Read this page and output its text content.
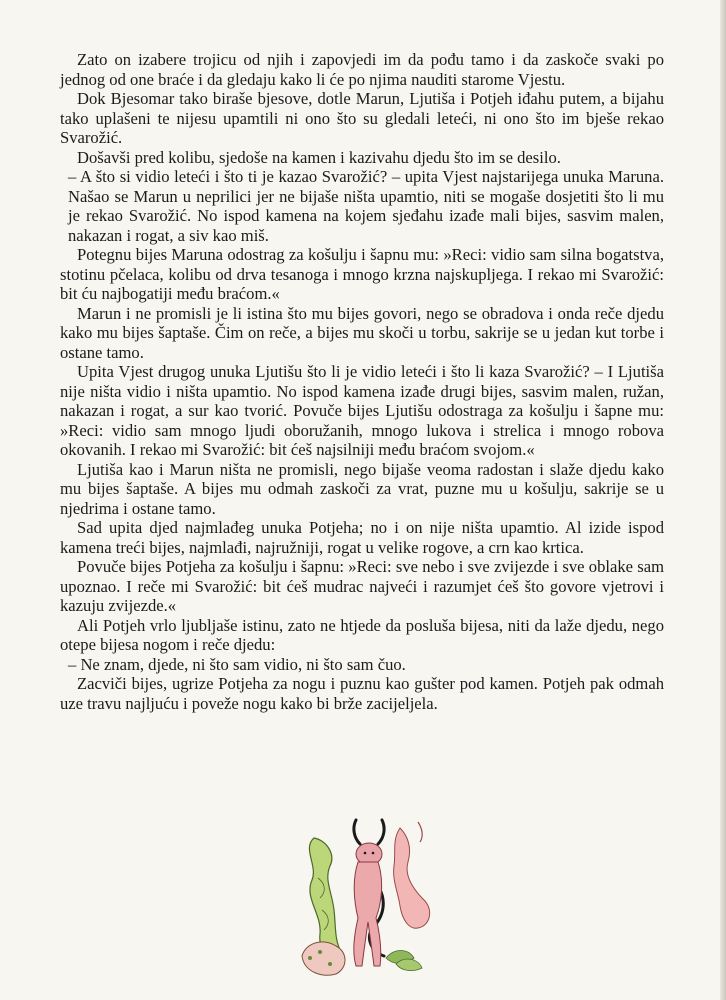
Zato on izabere trojicu od njih i zapovjedi im da pođu tamo i da zaskoče svaki po jednog od one braće i da gledaju kako li će po njima nauditi starome Vjestu.

Dok Bjesomar tako biraše bjesove, dotle Marun, Ljutiša i Potjeh iđahu putem, a bijahu tako uplašeni te nijesu upamtili ni ono što su gledali leteći, ni ono što im bješe rekao Svarožić.

Došavši pred kolibu, sjedoše na kamen i kazivahu djedu što im se desilo.

– A što si vidio leteći i što ti je kazao Svarožić? – upita Vjest najstarijega unuka Maruna. Našao se Marun u neprilici jer ne bijaše ništa upamtio, niti se mogaše dosjetiti što li mu je rekao Svarožić. No ispod kamena na kojem sjeđahu izađe mali bijes, sasvim malen, nakazan i rogat, a siv kao miš.

Potegnu bijes Maruna odostrag za košulju i šapnu mu: »Reci: vidio sam silna bogatstva, stotinu pčelaca, kolibu od drva tesanoga i mnogo krzna najskupljega. I rekao mi Svarožić: bit ću najbogatiji među braćom.«

Marun i ne promisli je li istina što mu bijes govori, nego se obradova i onda reče djedu kako mu bijes šaptaše. Čim on reče, a bijes mu skoči u torbu, sakrije se u jedan kut torbe i ostane tamo.

Upita Vjest drugog unuka Ljutišu što li je vidio leteći i što li kaza Svarožić? – I Ljutiša nije ništa vidio i ništa upamtio. No ispod kamena izađe drugi bijes, sasvim malen, ružan, nakazan i rogat, a sur kao tvorić. Povuče bijes Ljutišu odostraga za košulju i šapne mu: »Reci: vidio sam mnogo ljudi oboružanih, mnogo lukova i strelica i mnogo robova okovanih. I rekao mi Svarožić: bit ćeš najsilniji među braćom svojom.«

Ljutiša kao i Marun ništa ne promisli, nego bijaše veoma radostan i slaže djedu kako mu bijes šaptaše. A bijes mu odmah zaskoči za vrat, puzne mu u košulju, sakrije se u njedrima i ostane tamo.

Sad upita djed najmlađeg unuka Potjeha; no i on nije ništa upamtio. Al izide ispod kamena treći bijes, najmlađi, najružniji, rogat u velike rogove, a crn kao krtica.

Povuče bijes Potjeha za košulju i šapnu: »Reci: sve nebo i sve zvijezde i sve oblake sam upoznao. I reče mi Svarožić: bit ćeš mudrac najveći i razumjet ćeš što govore vjetrovi i kazuju zvijezde.«

Ali Potjeh vrlo ljubljaše istinu, zato ne htjede da posluša bijesa, niti da laže djedu, nego otepe bijesa nogom i reče djedu:

– Ne znam, djede, ni što sam vidio, ni što sam čuo.

Zacviči bijes, ugrize Potjeha za nogu i puznu kao gušter pod kamen. Potjeh pak odmah uze travu najljuću i poveže nogu kako bi brže zacijeljela.
